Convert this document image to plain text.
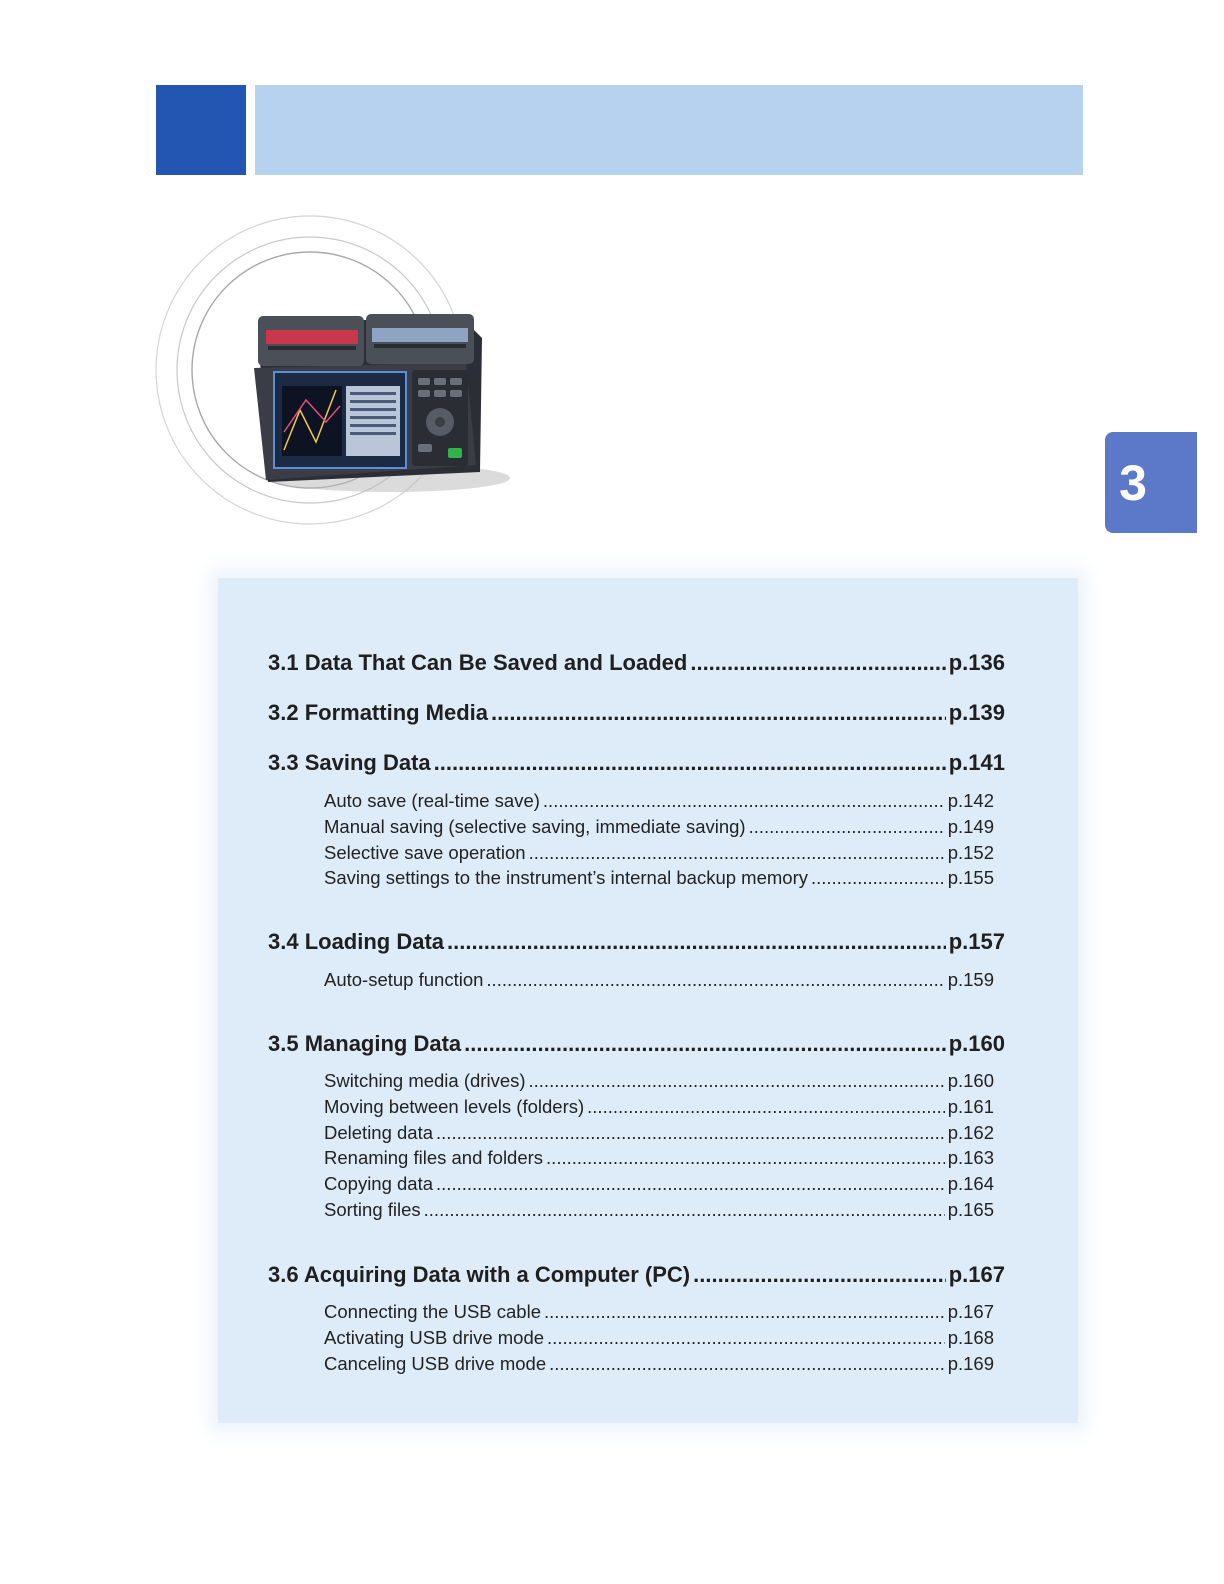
3
3.1 Data That Can Be Saved and Loaded .....	p.136
3.2 Formatting Media .....	p.139
3.3 Saving Data .....	p.141
Auto save (real-time save) .....	p.142
Manual saving (selective saving, immediate saving) .....	p.149
Selective save operation .....	p.152
Saving settings to the instrument’s internal backup memory .....	p.155
3.4 Loading Data .....	p.157
Auto-setup function .....	p.159
3.5 Managing Data .....	p.160
Switching media (drives) .....	p.160
Moving between levels (folders) .....	p.161
Deleting data .....	p.162
Renaming files and folders .....	p.163
Copying data .....	p.164
Sorting files .....	p.165
3.6 Acquiring Data with a Computer (PC) .....	p.167
Connecting the USB cable .....	p.167
Activating USB drive mode .....	p.168
Canceling USB drive mode .....	p.169
